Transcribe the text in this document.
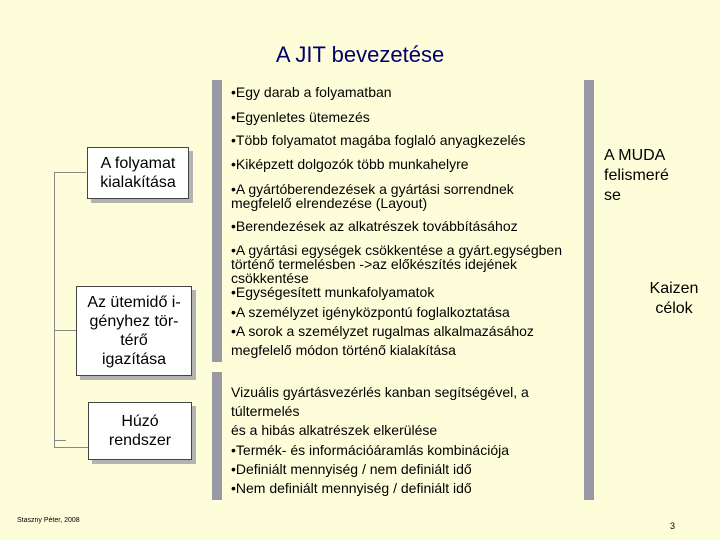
A JIT bevezetése
A folyamat
kialakítása
Az ütemidő i-
gényhez tör-
térő
igazítása
Húzó
rendszer
•Egy darab a folyamatban
•Egyenletes ütemezés
•Több folyamatot magába foglaló anyagkezelés
•Kiképzett dolgozók több munkahelyre
•A gyártóberendezések a gyártási sorrendnek
megfelelő elrendezése (Layout)
•Berendezések az alkatrészek továbbításához
•A gyártási egységek csökkentése a gyárt.egységben
történő termelésben ->az előkészítés idejének
csökkentése
•Egységesített munkafolyamatok
•A személyzet igényközpontú foglalkoztatása
•A sorok a személyzet rugalmas alkalmazásához
megfelelő módon történő kialakítása
Vizuális gyártásvezérlés kanban segítségével, a
túltermelés
és a hibás alkatrészek elkerülése
•Termék- és információáramlás kombinációja
•Definiált mennyiség / nem definiált idő
•Nem definiált mennyiség / definiált idő
A MUDA
felismeré
se
Kaizen
célok
Staszny Péter, 2008
3
